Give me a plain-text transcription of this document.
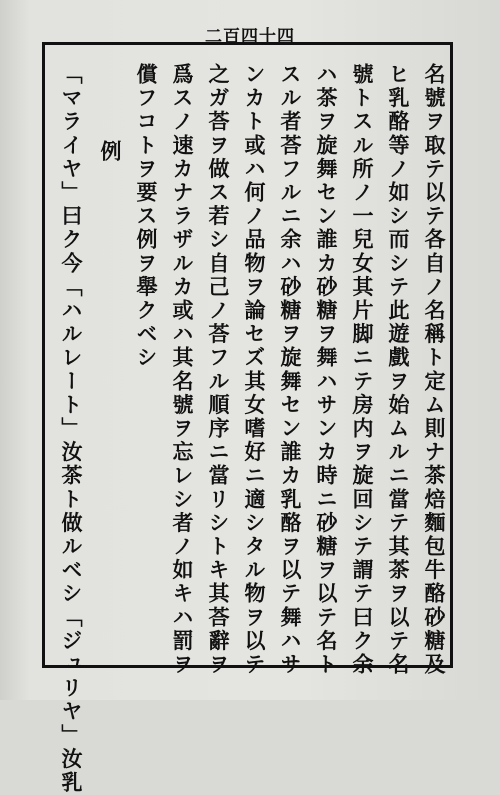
二百四十四
名號ヲ取テ以テ各自ノ名稱ト定ム則ナ茶焙麵包牛酪砂糖及
ヒ乳酪等ノ如シ而シテ此遊戲ヲ始ムルニ當テ其茶ヲ以テ名
號トスル所ノ一兒女其片脚ニテ房内ヲ旋回シテ謂テ曰ク余
ハ茶ヲ旋舞セン誰カ砂糖ヲ舞ハサンカ時ニ砂糖ヲ以テ名ト
スル者荅フルニ余ハ砂糖ヲ旋舞セン誰カ乳酪ヲ以テ舞ハサ
ンカト或ハ何ノ品物ヲ論セズ其女嗜好ニ適シタル物ヲ以テ
之ガ荅ヲ做ス若シ自己ノ荅フル順序ニ當リシトキ其荅辭ヲ
爲スノ速カナラザルカ或ハ其名號ヲ忘レシ者ノ如キハ罰ヲ
償フコトヲ要ス例ヲ舉クベシ
例
「マライヤ」曰ク今「ハルレート」汝茶ト做ルベシ「ジュリヤ」汝乳
